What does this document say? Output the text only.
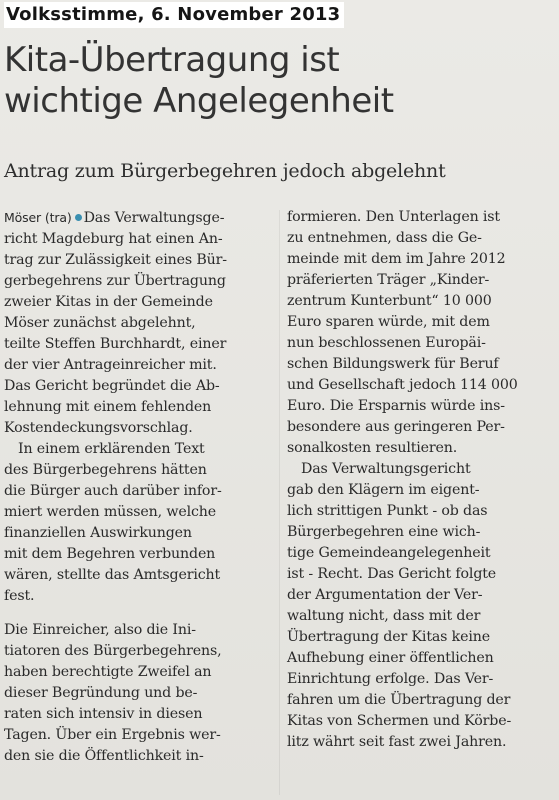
Volksstimme, 6. November 2013
Kita-Übertragung ist
wichtige Angelegenheit
Antrag zum Bürgerbegehren jedoch abgelehnt

Möser (tra) Das Verwaltungsge-
richt Magdeburg hat einen An-
trag zur Zulässigkeit eines Bür-
gerbegehrens zur Übertragung
zweier Kitas in der Gemeinde
Möser zunächst abgelehnt,
teilte Steffen Burchhardt, einer
der vier Antrageinreicher mit.
Das Gericht begründet die Ab-
lehnung mit einem fehlenden
Kostendeckungsvorschlag.

In einem erklärenden Text
des Bürgerbegehrens hätten
die Bürger auch darüber infor-
miert werden müssen, welche
finanziellen Auswirkungen
mit dem Begehren verbunden
wären, stellte das Amtsgericht
fest.

Die Einreicher, also die Ini-
tiatoren des Bürgerbegehrens,
haben berechtigte Zweifel an
dieser Begründung und be-
raten sich intensiv in diesen
Tagen. Über ein Ergebnis wer-
den sie die Öffentlichkeit in-

formieren. Den Unterlagen ist
zu entnehmen, dass die Ge-
meinde mit dem im Jahre 2012
präferierten Träger „Kinder-
zentrum Kunterbunt“ 10 000
Euro sparen würde, mit dem
nun beschlossenen Europäi-
schen Bildungswerk für Beruf
und Gesellschaft jedoch 114 000
Euro. Die Ersparnis würde ins-
besondere aus geringeren Per-
sonalkosten resultieren.

Das Verwaltungsgericht
gab den Klägern im eigent-
lich strittigen Punkt - ob das
Bürgerbegehren eine wich-
tige Gemeindeangelegenheit
ist - Recht. Das Gericht folgte
der Argumentation der Ver-
waltung nicht, dass mit der
Übertragung der Kitas keine
Aufhebung einer öffentlichen
Einrichtung erfolge. Das Ver-
fahren um die Übertragung der
Kitas von Schermen und Körbe-
litz währt seit fast zwei Jahren.
